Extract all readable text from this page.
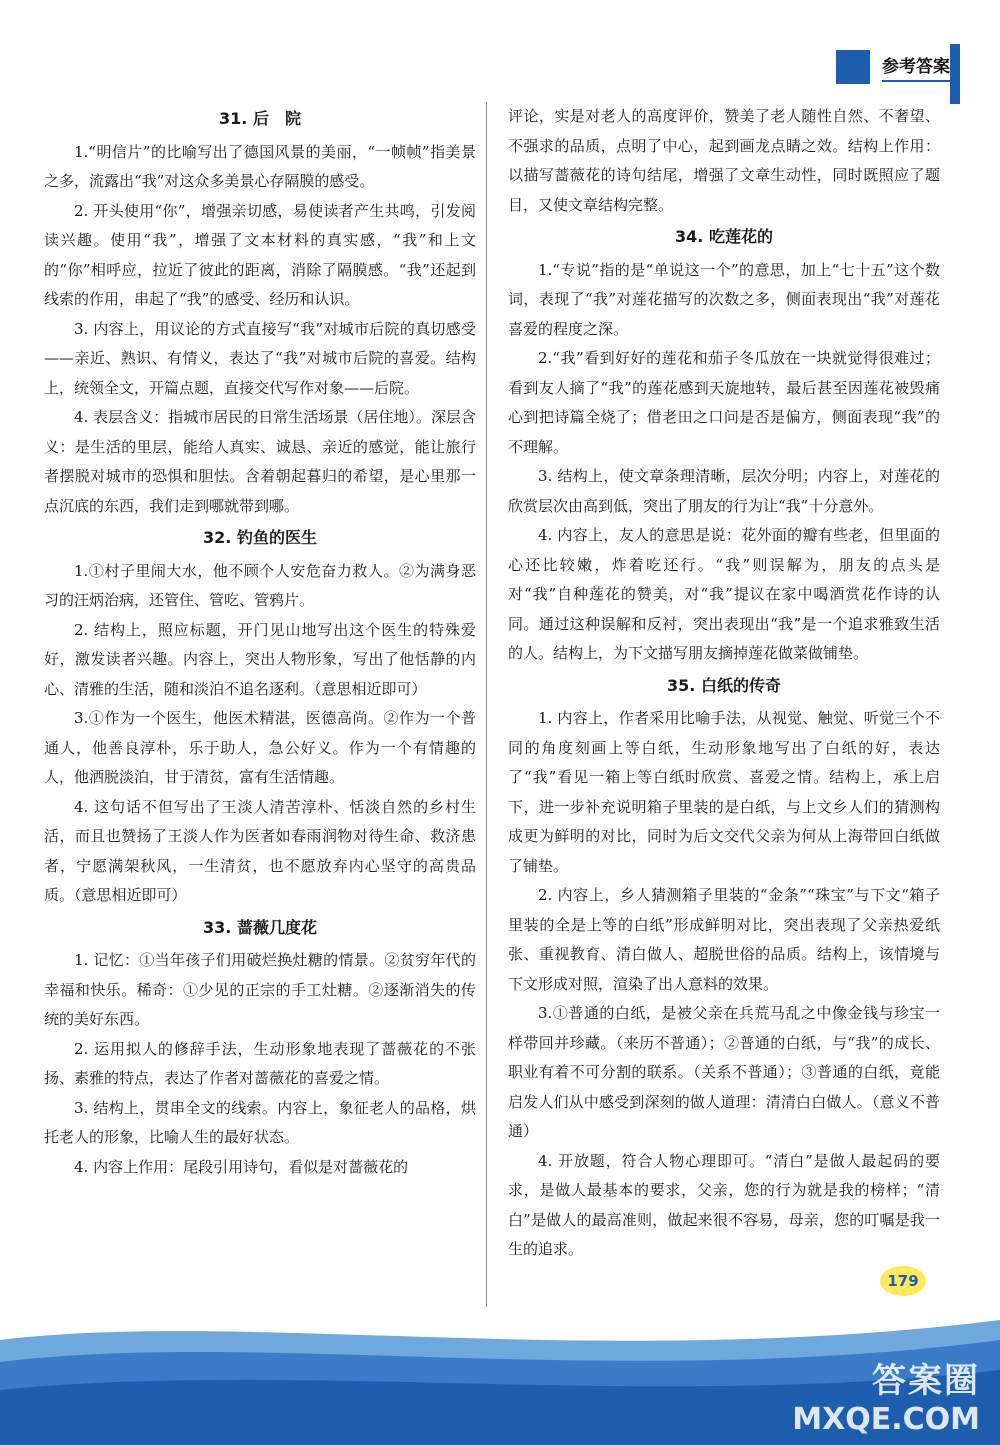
参考答案
31. 后　院

1.“明信片”的比喻写出了德国风景的美丽，“一帧帧”指美景之多，流露出“我”对这众多美景心存隔膜的感受。

2. 开头使用“你”，增强亲切感，易使读者产生共鸣，引发阅读兴趣。使用“我”，增强了文本材料的真实感，“我”和上文的“你”相呼应，拉近了彼此的距离，消除了隔膜感。“我”还起到线索的作用，串起了“我”的感受、经历和认识。

3. 内容上，用议论的方式直接写“我”对城市后院的真切感受——亲近、熟识、有情义，表达了“我”对城市后院的喜爱。结构上，统领全文，开篇点题，直接交代写作对象——后院。

4. 表层含义：指城市居民的日常生活场景（居住地）。深层含义：是生活的里层，能给人真实、诚恳、亲近的感觉，能让旅行者摆脱对城市的恐惧和胆怯。含着朝起暮归的希望，是心里那一点沉底的东西，我们走到哪就带到哪。

32. 钓鱼的医生

1.①村子里闹大水，他不顾个人安危奋力救人。②为满身恶习的汪炳治病，还管住、管吃、管鸦片。

2. 结构上，照应标题，开门见山地写出这个医生的特殊爱好，激发读者兴趣。内容上，突出人物形象，写出了他恬静的内心、清雅的生活，随和淡泊不追名逐利。（意思相近即可）

3.①作为一个医生，他医术精湛，医德高尚。②作为一个普通人，他善良淳朴，乐于助人，急公好义。作为一个有情趣的人，他洒脱淡泊，甘于清贫，富有生活情趣。

4. 这句话不但写出了王淡人清苦淳朴、恬淡自然的乡村生活，而且也赞扬了王淡人作为医者如春雨润物对待生命、救济患者，宁愿满架秋风，一生清贫，也不愿放弃内心坚守的高贵品质。（意思相近即可）

33. 蔷薇几度花

1. 记忆：①当年孩子们用破烂换灶糖的情景。②贫穷年代的幸福和快乐。稀奇：①少见的正宗的手工灶糖。②逐渐消失的传统的美好东西。

2. 运用拟人的修辞手法，生动形象地表现了蔷薇花的不张扬、素雅的特点，表达了作者对蔷薇花的喜爱之情。

3. 结构上，贯串全文的线索。内容上，象征老人的品格，烘托老人的形象，比喻人生的最好状态。

4. 内容上作用：尾段引用诗句，看似是对蔷薇花的

评论，实是对老人的高度评价，赞美了老人随性自然、不奢望、不强求的品质，点明了中心，起到画龙点睛之效。结构上作用：以描写蔷薇花的诗句结尾，增强了文章生动性，同时既照应了题目，又使文章结构完整。

34. 吃莲花的

1.“专说”指的是“单说这一个”的意思，加上“七十五”这个数词，表现了“我”对莲花描写的次数之多，侧面表现出“我”对莲花喜爱的程度之深。

2.“我”看到好好的莲花和茄子冬瓜放在一块就觉得很难过；看到友人摘了“我”的莲花感到天旋地转，最后甚至因莲花被毁痛心到把诗篇全烧了；借老田之口问是否是偏方，侧面表现“我”的不理解。

3. 结构上，使文章条理清晰，层次分明；内容上，对莲花的欣赏层次由高到低，突出了朋友的行为让“我”十分意外。

4. 内容上，友人的意思是说：花外面的瓣有些老，但里面的心还比较嫩，炸着吃还行。“我”则误解为，朋友的点头是对“我”自种莲花的赞美，对“我”提议在家中喝酒赏花作诗的认同。通过这种误解和反衬，突出表现出“我”是一个追求雅致生活的人。结构上，为下文描写朋友摘掉莲花做菜做铺垫。

35. 白纸的传奇

1. 内容上，作者采用比喻手法，从视觉、触觉、听觉三个不同的角度刻画上等白纸，生动形象地写出了白纸的好，表达了“我”看见一箱上等白纸时欣赏、喜爱之情。结构上，承上启下，进一步补充说明箱子里装的是白纸，与上文乡人们的猜测构成更为鲜明的对比，同时为后文交代父亲为何从上海带回白纸做了铺垫。

2. 内容上，乡人猜测箱子里装的“金条”“珠宝”与下文“箱子里装的全是上等的白纸”形成鲜明对比，突出表现了父亲热爱纸张、重视教育、清白做人、超脱世俗的品质。结构上，该情境与下文形成对照，渲染了出人意料的效果。

3.①普通的白纸，是被父亲在兵荒马乱之中像金钱与珍宝一样带回并珍藏。（来历不普通）；②普通的白纸，与“我”的成长、职业有着不可分割的联系。（关系不普通）；③普通的白纸，竟能启发人们从中感受到深刻的做人道理：清清白白做人。（意义不普通）

4. 开放题，符合人物心理即可。“清白”是做人最起码的要求，是做人最基本的要求，父亲，您的行为就是我的榜样；“清白”是做人的最高准则，做起来很不容易，母亲，您的叮嘱是我一生的追求。

179
答案圈
MXQE.COM
